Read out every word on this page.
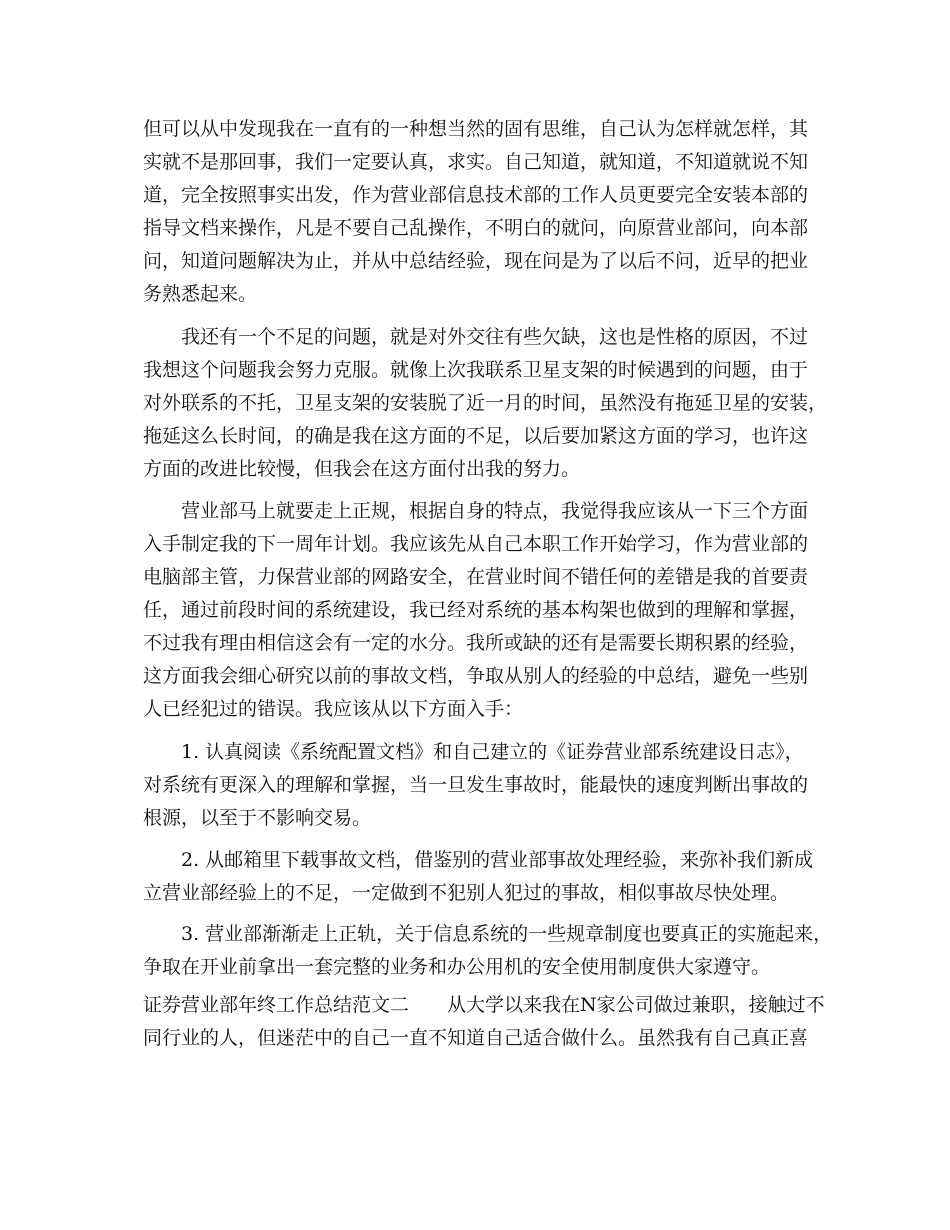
但可以从中发现我在一直有的一种想当然的固有思维，自己认为怎样就怎样，其
实就不是那回事，我们一定要认真，求实。自己知道，就知道，不知道就说不知
道，完全按照事实出发，作为营业部信息技术部的工作人员更要完全安装本部的
指导文档来操作，凡是不要自己乱操作，不明白的就问，向原营业部问，向本部
问，知道问题解决为止，并从中总结经验，现在问是为了以后不问，近早的把业
务熟悉起来。
我还有一个不足的问题，就是对外交往有些欠缺，这也是性格的原因，不过
我想这个问题我会努力克服。就像上次我联系卫星支架的时候遇到的问题，由于
对外联系的不托，卫星支架的安装脱了近一月的时间，虽然没有拖延卫星的安装，
拖延这么长时间，的确是我在这方面的不足，以后要加紧这方面的学习，也许这
方面的改进比较慢，但我会在这方面付出我的努力。
营业部马上就要走上正规，根据自身的特点，我觉得我应该从一下三个方面
入手制定我的下一周年计划。我应该先从自己本职工作开始学习，作为营业部的
电脑部主管，力保营业部的网路安全，在营业时间不错任何的差错是我的首要责
任，通过前段时间的系统建设，我已经对系统的基本构架也做到的理解和掌握，
不过我有理由相信这会有一定的水分。我所或缺的还有是需要长期积累的经验，
这方面我会细心研究以前的事故文档，争取从别人的经验的中总结，避免一些别
人已经犯过的错误。我应该从以下方面入手：
1. 认真阅读《系统配置文档》和自己建立的《证券营业部系统建设日志》，
对系统有更深入的理解和掌握，当一旦发生事故时，能最快的速度判断出事故的
根源，以至于不影响交易。
2. 从邮箱里下载事故文档，借鉴别的营业部事故处理经验，来弥补我们新成
立营业部经验上的不足，一定做到不犯别人犯过的事故，相似事故尽快处理。
3. 营业部渐渐走上正轨，关于信息系统的一些规章制度也要真正的实施起来，
争取在开业前拿出一套完整的业务和办公用机的安全使用制度供大家遵守。
证券营业部年终工作总结范文二　　从大学以来我在N家公司做过兼职，接触过不
同行业的人，但迷茫中的自己一直不知道自己适合做什么。虽然我有自己真正喜
